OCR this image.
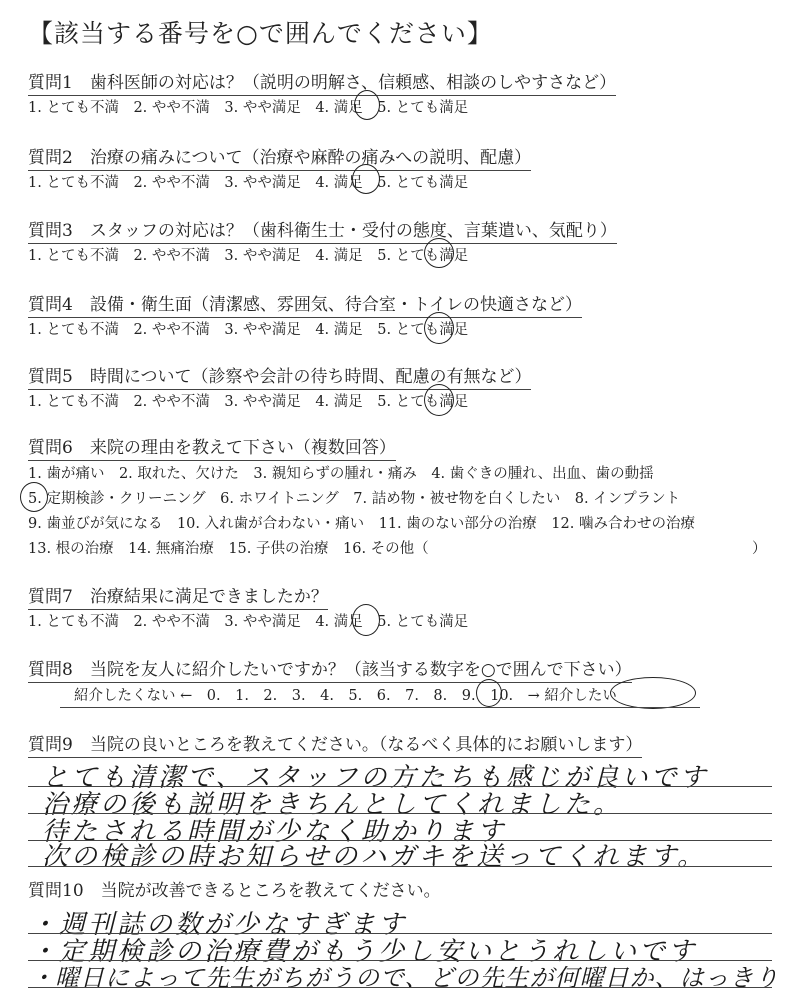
【該当する番号を○で囲んでください】
質問1　歯科医師の対応は？（説明の明解さ、信頼感、相談のしやすさなど）
1. とても不満　2. やや不満　3. やや満足　4. 満足　5. とても満足
質問2　治療の痛みについて（治療や麻酔の痛みへの説明、配慮）
1. とても不満　2. やや不満　3. やや満足　4. 満足　5. とても満足
質問3　スタッフの対応は？（歯科衛生士・受付の態度、言葉遣い、気配り）
1. とても不満　2. やや不満　3. やや満足　4. 満足　5. とても満足
質問4　設備・衛生面（清潔感、雰囲気、待合室・トイレの快適さなど）
1. とても不満　2. やや不満　3. やや満足　4. 満足　5. とても満足
質問5　時間について（診察や会計の待ち時間、配慮の有無など）
1. とても不満　2. やや不満　3. やや満足　4. 満足　5. とても満足
質問6　来院の理由を教えて下さい（複数回答）
1. 歯が痛い　2. 取れた、欠けた　3. 親知らずの腫れ・痛み　4. 歯ぐきの腫れ、出血、歯の動揺
5. 定期検診・クリーニング　6. ホワイトニング　7. 詰め物・被せ物を白くしたい　8. インプラント
9. 歯並びが気になる　10. 入れ歯が合わない・痛い　11. 歯のない部分の治療　12. 噛み合わせの治療
13. 根の治療　14. 無痛治療　15. 子供の治療　16. その他（	）
質問7　治療結果に満足できましたか？
1. とても不満　2. やや不満　3. やや満足　4. 満足　5. とても満足
質問8　当院を友人に紹介したいですか？（該当する数字を○で囲んで下さい）
紹介したくない ←　0.　1.　2.　3.　4.　5.　6.　7.　8.　9.　10.　→ 紹介したい
質問9　当院の良いところを教えてください。（なるべく具体的にお願いします）
とても清潔で、スタッフの方たちも感じが良いです
治療の後も説明をきちんとしてくれました。
待たされる時間が少なく助かります
次の検診の時お知らせのハガキを送ってくれます。
質問10　当院が改善できるところを教えてください。
・週刊誌の数が少なすぎます
・定期検診の治療費がもう少し安いとうれしいです
・曜日によって先生がちがうので、どの先生が何曜日か、はっきり
